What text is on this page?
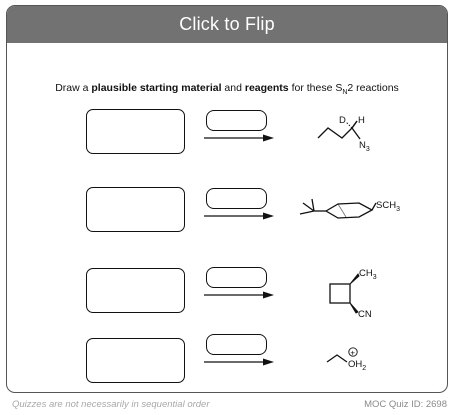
Click to Flip
Draw a plausible starting material and reagents for these $S_N2$ reactions
D H
$N_3$
$SCH_3$
$CH_3$
CN
+
$OH_2$
Quizzes are not necessarily in sequential order	MOC Quiz ID: 2698
